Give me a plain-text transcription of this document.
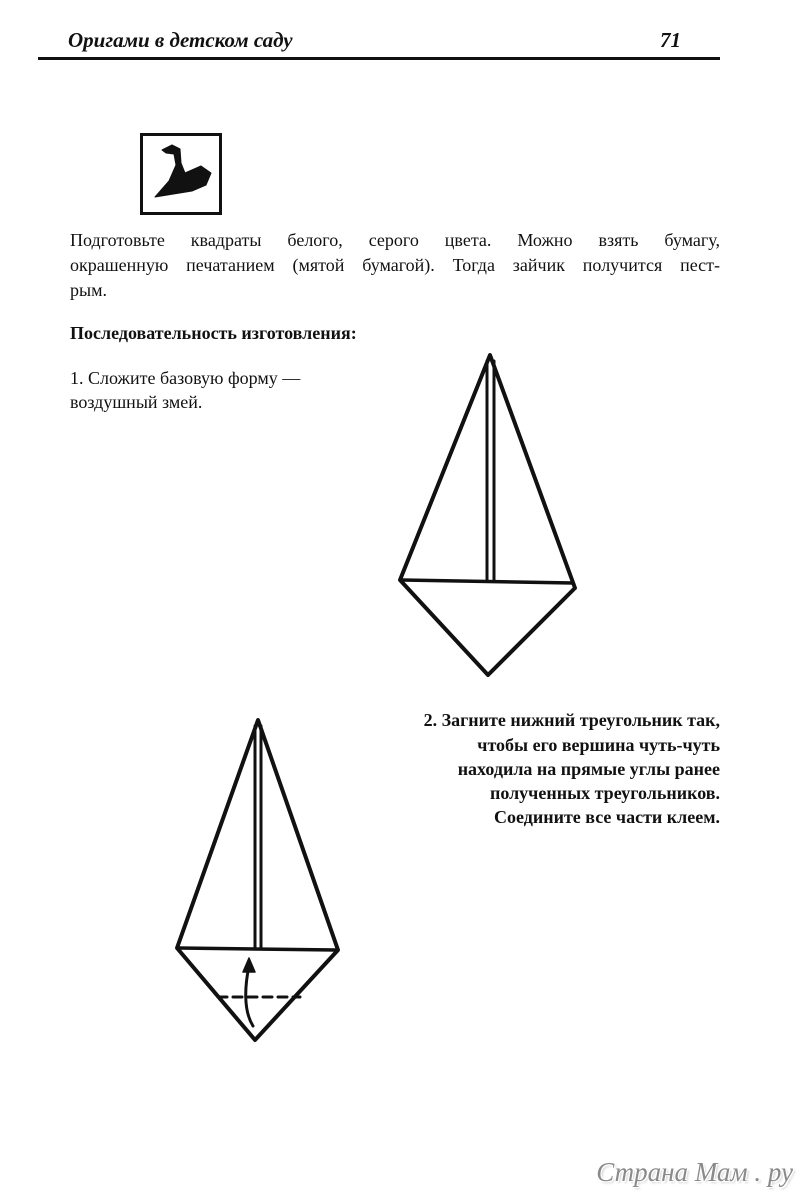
Оригами в детском саду	71
Подготовьте квадраты белого, серого цвета. Можно взять бумагу,
окрашенную печатанием (мятой бумагой). Тогда зайчик получится пест-
рым.
Последовательность изготовления:
1. Сложите базовую форму —
воздушный змей.
2. Загните нижний треугольник так,
чтобы его вершина чуть-чуть
находила на прямые углы ранее
полученных треугольников.
Соедините все части клеем.
Страна Мам . ру
